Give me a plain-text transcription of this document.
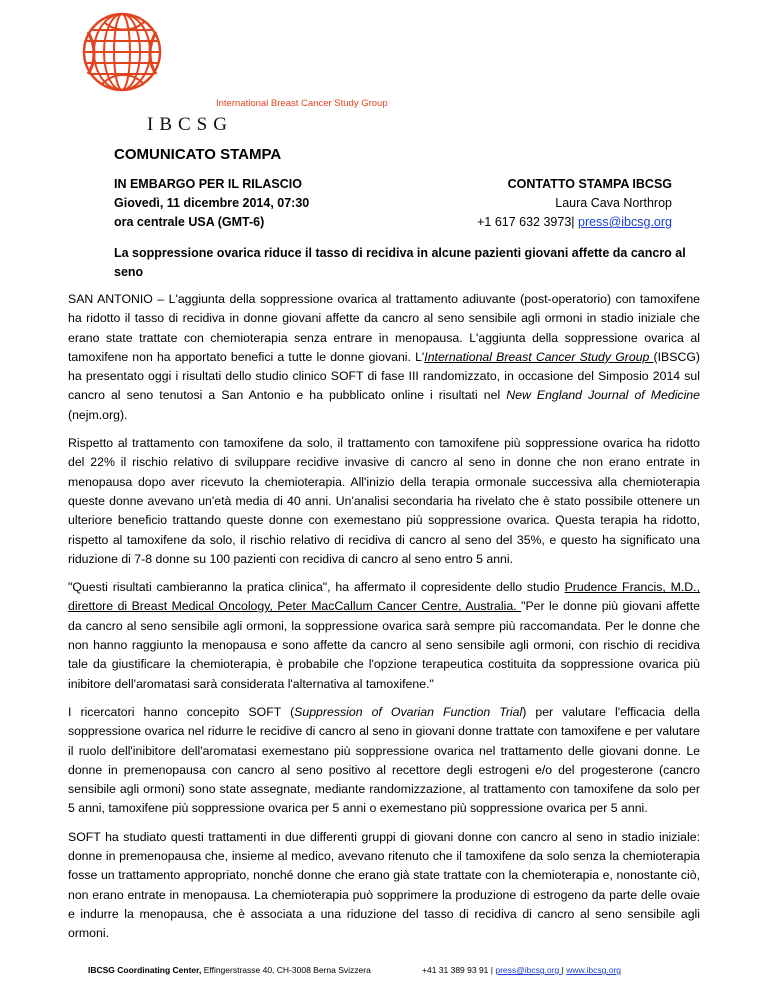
International Breast Cancer Study Group
IBCSG
COMUNICATO STAMPA
IN EMBARGO PER IL RILASCIO
Giovedì, 11 dicembre 2014, 07:30
ora centrale USA (GMT-6)
CONTATTO STAMPA IBCSG
Laura Cava Northrop
+1 617 632 3973| press@ibcsg.org
La soppressione ovarica riduce il tasso di recidiva in alcune pazienti giovani affette da cancro al seno

SAN ANTONIO – L'aggiunta della soppressione ovarica al trattamento adiuvante (post-operatorio) con tamoxifene ha ridotto il tasso di recidiva in donne giovani affette da cancro al seno sensibile agli ormoni in stadio iniziale che erano state trattate con chemioterapia senza entrare in menopausa. L'aggiunta della soppressione ovarica al tamoxifene non ha apportato benefici a tutte le donne giovani. L'International Breast Cancer Study Group (IBSCG) ha presentato oggi i risultati dello studio clinico SOFT di fase III randomizzato, in occasione del Simposio 2014 sul cancro al seno tenutosi a San Antonio e ha pubblicato online i risultati nel New England Journal of Medicine (nejm.org).

Rispetto al trattamento con tamoxifene da solo, il trattamento con tamoxifene più soppressione ovarica ha ridotto del 22% il rischio relativo di sviluppare recidive invasive di cancro al seno in donne che non erano entrate in menopausa dopo aver ricevuto la chemioterapia. All'inizio della terapia ormonale successiva alla chemioterapia queste donne avevano un'età media di 40 anni. Un'analisi secondaria ha rivelato che è stato possibile ottenere un ulteriore beneficio trattando queste donne con exemestano più soppressione ovarica. Questa terapia ha ridotto, rispetto al tamoxifene da solo, il rischio relativo di recidiva di cancro al seno del 35%, e questo ha significato una riduzione di 7-8 donne su 100 pazienti con recidiva di cancro al seno entro 5 anni.

"Questi risultati cambieranno la pratica clinica", ha affermato il copresidente dello studio Prudence Francis, M.D., direttore di Breast Medical Oncology, Peter MacCallum Cancer Centre, Australia. "Per le donne più giovani affette da cancro al seno sensibile agli ormoni, la soppressione ovarica sarà sempre più raccomandata. Per le donne che non hanno raggiunto la menopausa e sono affette da cancro al seno sensibile agli ormoni, con rischio di recidiva tale da giustificare la chemioterapia, è probabile che l'opzione terapeutica costituita da soppressione ovarica più inibitore dell'aromatasi sarà considerata l'alternativa al tamoxifene."

I ricercatori hanno concepito SOFT (Suppression of Ovarian Function Trial) per valutare l'efficacia della soppressione ovarica nel ridurre le recidive di cancro al seno in giovani donne trattate con tamoxifene e per valutare il ruolo dell'inibitore dell'aromatasi exemestano più soppressione ovarica nel trattamento delle giovani donne. Le donne in premenopausa con cancro al seno positivo al recettore degli estrogeni e/o del progesterone (cancro sensibile agli ormoni) sono state assegnate, mediante randomizzazione, al trattamento con tamoxifene da solo per 5 anni, tamoxifene più soppressione ovarica per 5 anni o exemestano più soppressione ovarica per 5 anni.

SOFT ha studiato questi trattamenti in due differenti gruppi di giovani donne con cancro al seno in stadio iniziale: donne in premenopausa che, insieme al medico, avevano ritenuto che il tamoxifene da solo senza la chemioterapia fosse un trattamento appropriato, nonché donne che erano già state trattate con la chemioterapia e, nonostante ciò, non erano entrate in menopausa. La chemioterapia può sopprimere la produzione di estrogeno da parte delle ovaie e indurre la menopausa, che è associata a una riduzione del tasso di recidiva di cancro al seno sensibile agli ormoni.

IBCSG Coordinating Center, Effingerstrasse 40, CH-3008 Berna Svizzera	+41 31 389 93 91 | press@ibcsg.org | www.ibcsg.org
